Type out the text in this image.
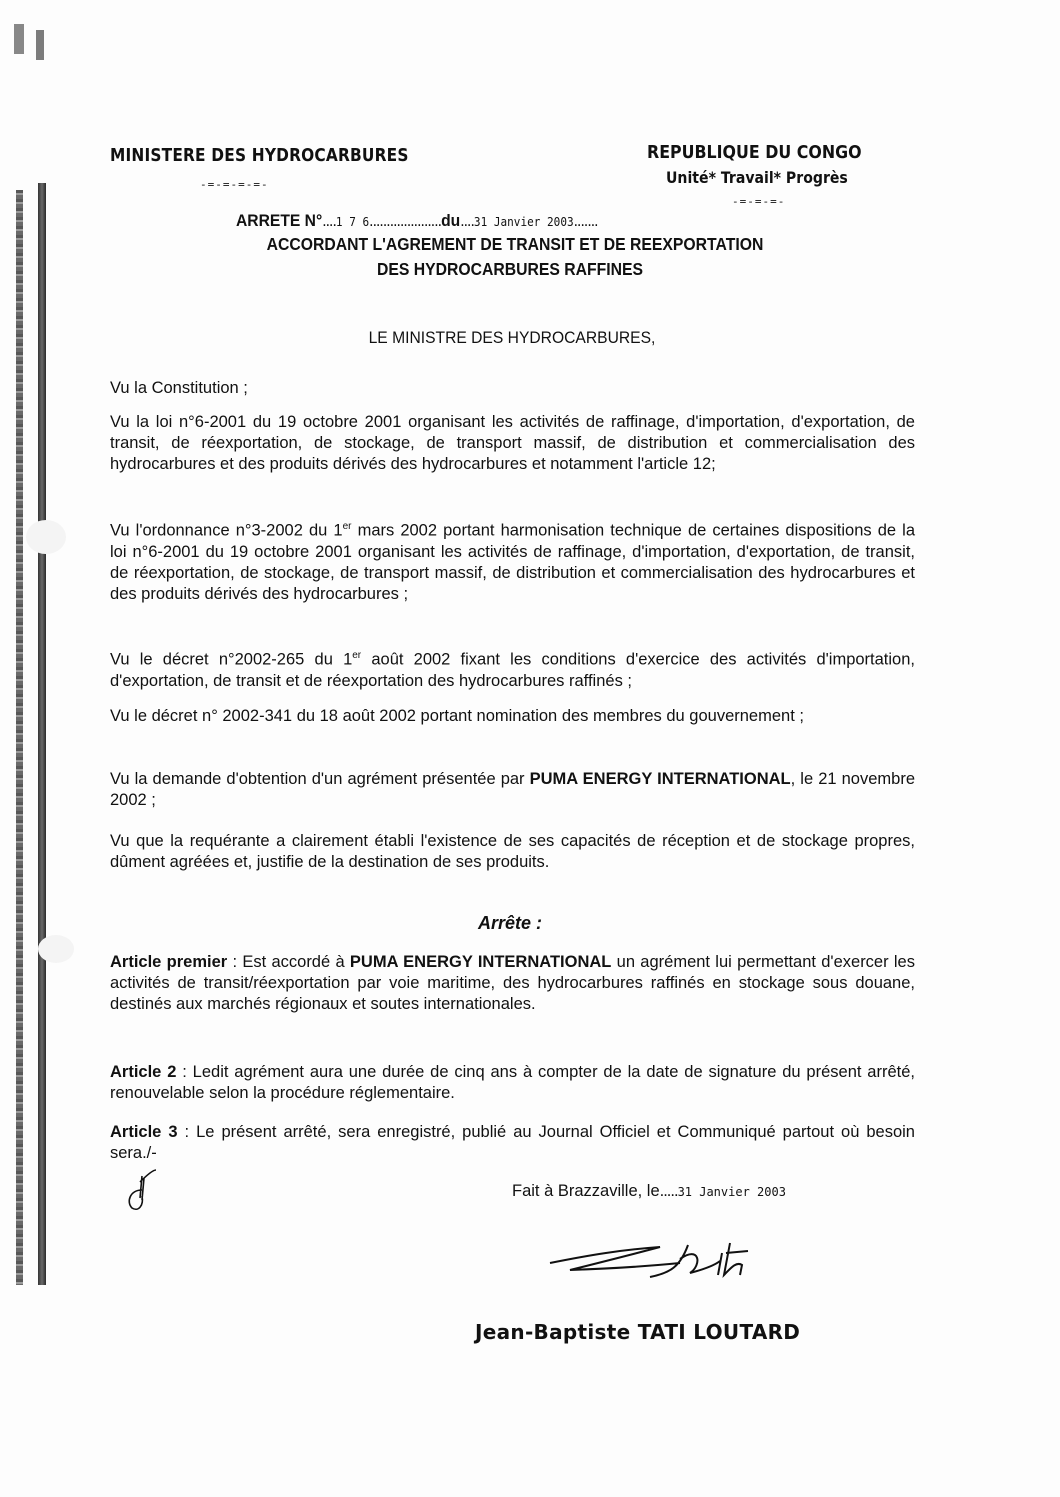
MINISTERE DES HYDROCARBURES
-=-=-=-=-
REPUBLIQUE DU CONGO
Unité* Travail* Progrès
-=-=-=-
ARRETE N°....1 7 6.....................du....31 Janvier 2003.......
ACCORDANT L'AGREMENT DE TRANSIT ET DE REEXPORTATION
DES HYDROCARBURES RAFFINES
LE MINISTRE DES HYDROCARBURES,

Vu la Constitution ;

Vu la loi n°6-2001 du 19 octobre 2001 organisant les activités de raffinage, d'importation, d'exportation, de transit, de réexportation, de stockage, de transport massif, de distribution et commercialisation des hydrocarbures et des produits dérivés des hydrocarbures et notamment l'article 12;

Vu l'ordonnance n°3-2002 du 1er mars 2002 portant harmonisation technique de certaines dispositions de la loi n°6-2001 du 19 octobre 2001 organisant les activités de raffinage, d'importation, d'exportation, de transit, de réexportation, de stockage, de transport massif, de distribution et commercialisation des hydrocarbures et des produits dérivés des hydrocarbures ;

Vu le décret n°2002-265 du 1er août 2002 fixant les conditions d'exercice des activités d'importation, d'exportation, de transit et de réexportation des hydrocarbures raffinés ;

Vu le décret n° 2002-341 du 18 août 2002 portant nomination des membres du gouvernement ;

Vu la demande d'obtention d'un agrément présentée par PUMA ENERGY INTERNATIONAL, le 21 novembre 2002 ;

Vu que la requérante a clairement établi l'existence de ses capacités de réception et de stockage propres, dûment agréées et, justifie de la destination de ses produits.

Arrête :

Article premier : Est accordé à PUMA ENERGY INTERNATIONAL un agrément lui permettant d'exercer les activités de transit/réexportation par voie maritime, des hydrocarbures raffinés en stockage sous douane, destinés aux marchés régionaux et soutes internationales.

Article 2 : Ledit agrément aura une durée de cinq ans à compter de la date de signature du présent arrêté, renouvelable selon la procédure réglementaire.

Article 3 : Le présent arrêté, sera enregistré, publié au Journal Officiel et Communiqué partout où besoin sera./-

Fait à Brazzaville, le.....31 Janvier 2003
Jean-Baptiste TATI LOUTARD
